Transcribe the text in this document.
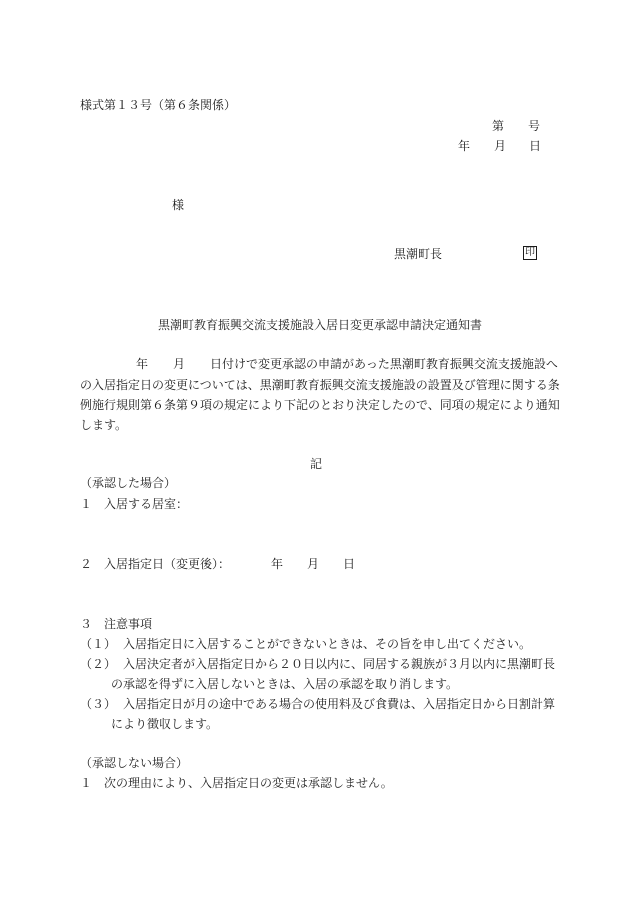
様式第１３号（第６条関係）
第 号
年 月 日
様
黒潮町長	印
黒潮町教育振興交流支援施設入居日変更承認申請決定通知書
年 月 日付けで変更承認の申請があった黒潮町教育振興交流支援施設へ
の入居指定日の変更については、黒潮町教育振興交流支援施設の設置及び管理に関する条
例施行規則第６条第９項の規定により下記のとおり決定したので、同項の規定により通知
します。
記
（承認した場合）
１　入居する居室：
２　入居指定日（変更後）：	年 月 日
３　注意事項
（１） 入居指定日に入居することができないときは、その旨を申し出てください。
（２） 入居決定者が入居指定日から２０日以内に、同居する親族が３月以内に黒潮町長
の承認を得ずに入居しないときは、入居の承認を取り消します。
（３） 入居指定日が月の途中である場合の使用料及び食費は、入居指定日から日割計算
により徴収します。
（承認しない場合）
１　次の理由により、入居指定日の変更は承認しません。
